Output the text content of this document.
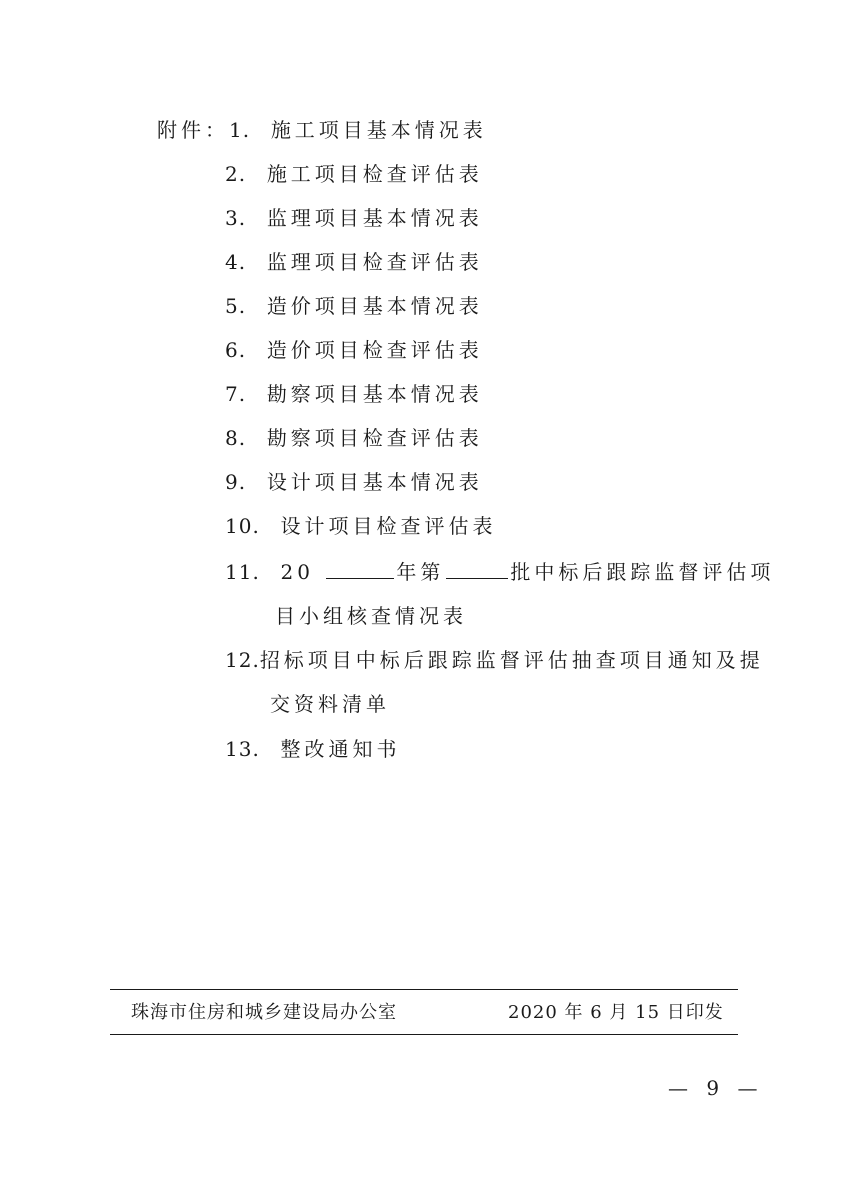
附件：1. 施工项目基本情况表
2. 施工项目检查评估表
3. 监理项目基本情况表
4. 监理项目检查评估表
5. 造价项目基本情况表
6. 造价项目检查评估表
7. 勘察项目基本情况表
8. 勘察项目检查评估表
9. 设计项目基本情况表
10. 设计项目检查评估表
11. 20	年第	批中标后跟踪监督评估项
目小组核查情况表
12.招标项目中标后跟踪监督评估抽查项目通知及提
交资料清单
13. 整改通知书
珠海市住房和城乡建设局办公室	2020 年 6 月 15 日印发
— 9 —
